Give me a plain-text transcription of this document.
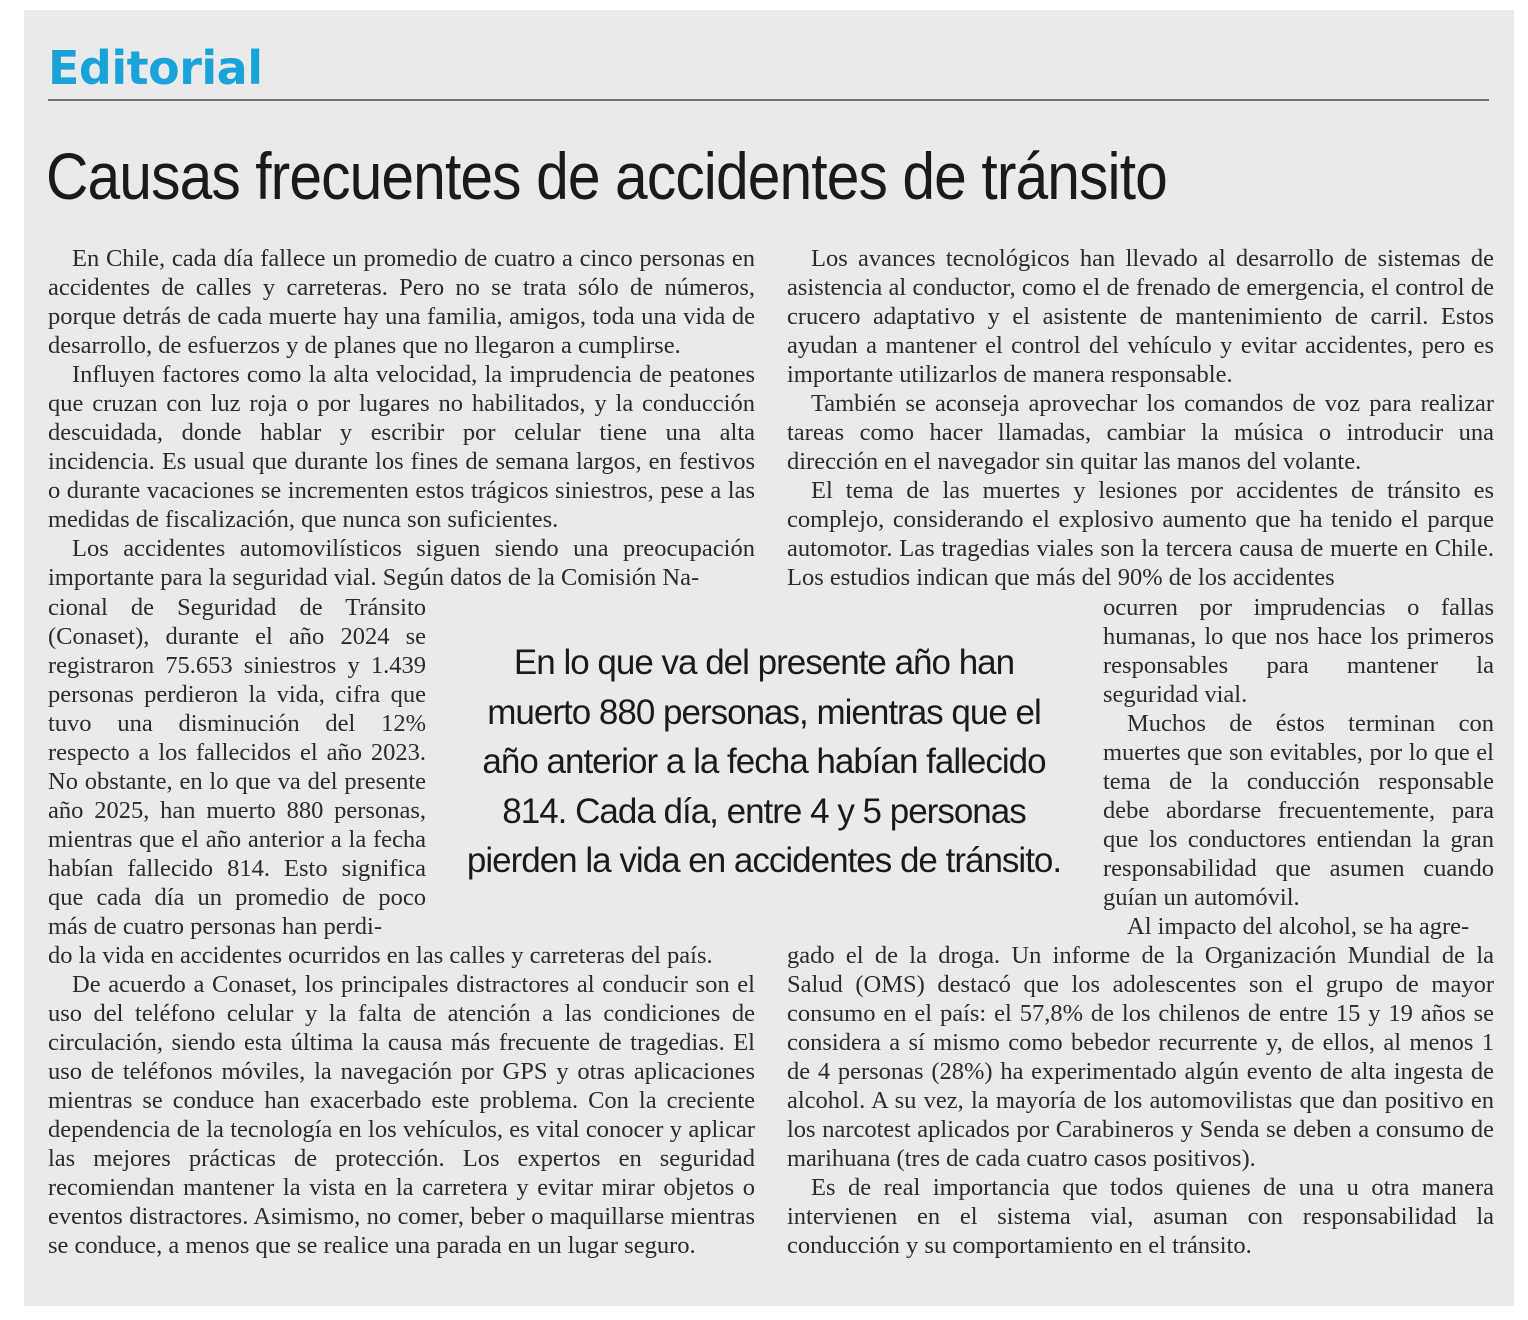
Editorial
Causas frecuentes de accidentes de tránsito

En Chile, cada día fallece un promedio de cuatro a cinco personas en accidentes de calles y carreteras. Pero no se trata sólo de números, porque detrás de cada muerte hay una familia, amigos, toda una vida de desarrollo, de esfuerzos y de planes que no llegaron a cumplirse.

Influyen factores como la alta velocidad, la imprudencia de peatones que cruzan con luz roja o por lugares no habilitados, y la conducción descuidada, donde hablar y escribir por celular tiene una alta incidencia. Es usual que durante los fines de semana largos, en festivos o durante vacaciones se incrementen estos trágicos siniestros, pese a las medidas de fiscalización, que nunca son suficientes.

Los accidentes automovilísticos siguen siendo una preocupación importante para la seguridad vial. Según datos de la Comisión Na-

cional de Seguridad de Tránsito (Conaset), durante el año 2024 se registraron 75.653 siniestros y 1.439 personas perdieron la vida, cifra que tuvo una disminución del 12% respecto a los fallecidos el año 2023. No obstante, en lo que va del presente año 2025, han muerto 880 personas, mientras que el año anterior a la fecha habían fallecido 814. Esto significa que cada día un promedio de poco más de cuatro personas han perdi-

do la vida en accidentes ocurridos en las calles y carreteras del país.

De acuerdo a Conaset, los principales distractores al conducir son el uso del teléfono celular y la falta de atención a las condiciones de circulación, siendo esta última la causa más frecuente de tragedias. El uso de teléfonos móviles, la navegación por GPS y otras aplicaciones mientras se conduce han exacerbado este problema. Con la creciente dependencia de la tecnología en los vehículos, es vital conocer y aplicar las mejores prácticas de protección. Los expertos en seguridad recomiendan mantener la vista en la carretera y evitar mirar objetos o eventos distractores. Asimismo, no comer, beber o maquillarse mientras se conduce, a menos que se realice una parada en un lugar seguro.

En lo que va del presente año han muerto 880 personas, mientras que el año anterior a la fecha habían fallecido 814. Cada día, entre 4 y 5 personas pierden la vida en accidentes de tránsito.

Los avances tecnológicos han llevado al desarrollo de sistemas de asistencia al conductor, como el de frenado de emergencia, el control de crucero adaptativo y el asistente de mantenimiento de carril. Estos ayudan a mantener el control del vehículo y evitar accidentes, pero es importante utilizarlos de manera responsable.

También se aconseja aprovechar los comandos de voz para realizar tareas como hacer llamadas, cambiar la música o introducir una dirección en el navegador sin quitar las manos del volante.

El tema de las muertes y lesiones por accidentes de tránsito es complejo, considerando el explosivo aumento que ha tenido el parque automotor. Las tragedias viales son la tercera causa de muerte en Chile. Los estudios indican que más del 90% de los accidentes

ocurren por imprudencias o fallas humanas, lo que nos hace los primeros responsables para mantener la seguridad vial.

Muchos de éstos terminan con muertes que son evitables, por lo que el tema de la conducción responsable debe abordarse frecuentemente, para que los conductores entiendan la gran responsabilidad que asumen cuando guían un automóvil.

Al impacto del alcohol, se ha agre-

gado el de la droga. Un informe de la Organización Mundial de la Salud (OMS) destacó que los adolescentes son el grupo de mayor consumo en el país: el 57,8% de los chilenos de entre 15 y 19 años se considera a sí mismo como bebedor recurrente y, de ellos, al menos 1 de 4 personas (28%) ha experimentado algún evento de alta ingesta de alcohol. A su vez, la mayoría de los automovilistas que dan positivo en los narcotest aplicados por Carabineros y Senda se deben a consumo de marihuana (tres de cada cuatro casos positivos).

Es de real importancia que todos quienes de una u otra manera intervienen en el sistema vial, asuman con responsabilidad la conducción y su comportamiento en el tránsito.
